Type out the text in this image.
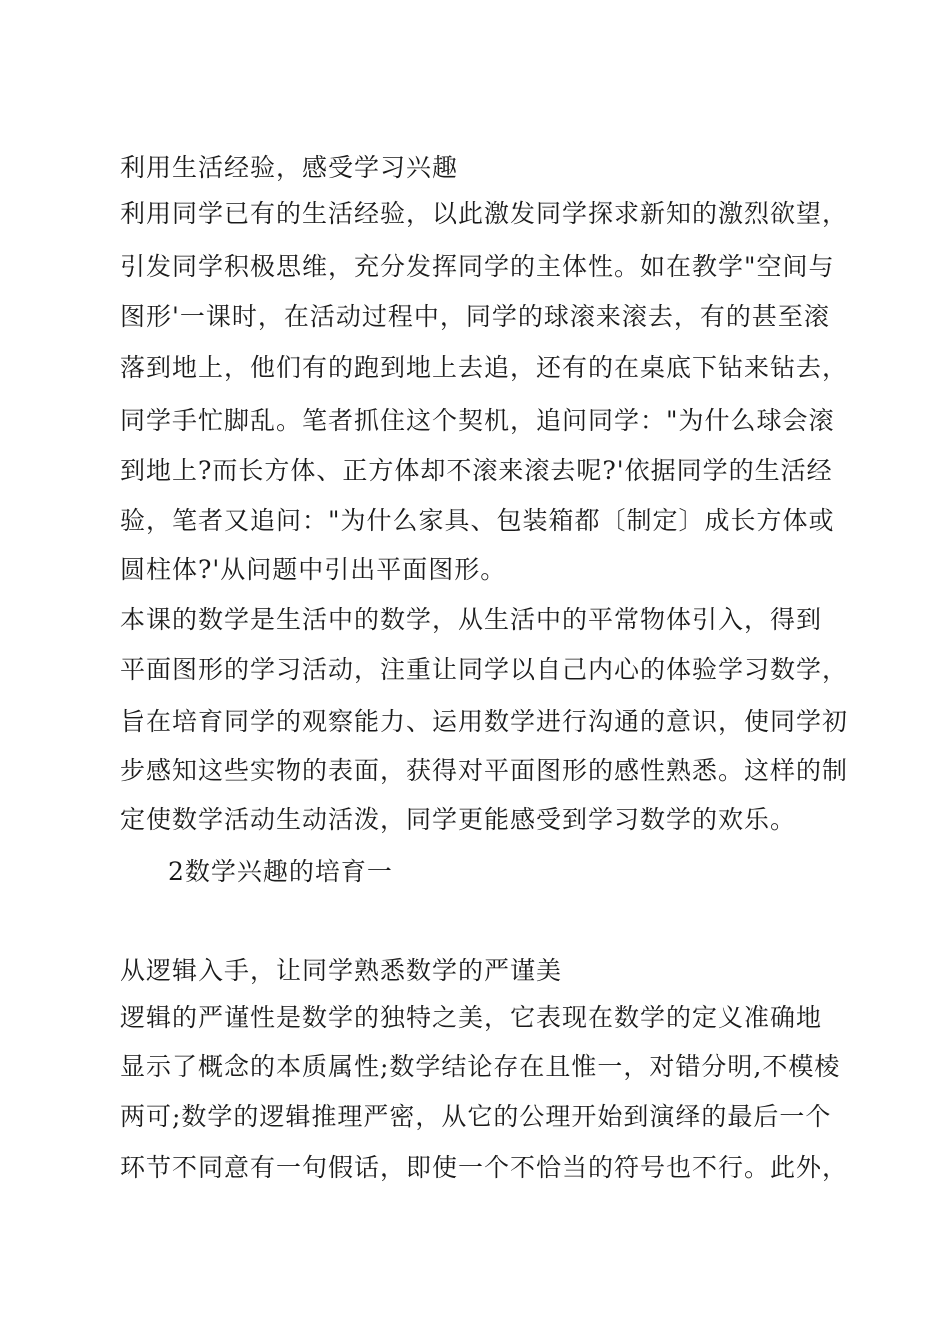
利用生活经验，感受学习兴趣
利用同学已有的生活经验，以此激发同学探求新知的激烈欲望，
引发同学积极思维，充分发挥同学的主体性。如在教学"空间与
图形'一课时，在活动过程中，同学的球滚来滚去，有的甚至滚
落到地上，他们有的跑到地上去追，还有的在桌底下钻来钻去，
同学手忙脚乱。笔者抓住这个契机，追问同学："为什么球会滚
到地上?而长方体、正方体却不滚来滚去呢?'依据同学的生活经
验，笔者又追问："为什么家具、包装箱都〔制定〕成长方体或
圆柱体?'从问题中引出平面图形。
本课的数学是生活中的数学，从生活中的平常物体引入，得到
平面图形的学习活动，注重让同学以自己内心的体验学习数学，
旨在培育同学的观察能力、运用数学进行沟通的意识，使同学初
步感知这些实物的表面，获得对平面图形的感性熟悉。这样的制
定使数学活动生动活泼，同学更能感受到学习数学的欢乐。
2数学兴趣的培育一
从逻辑入手，让同学熟悉数学的严谨美
逻辑的严谨性是数学的独特之美，它表现在数学的定义准确地
显示了概念的本质属性;数学结论存在且惟一，对错分明,不模棱
两可;数学的逻辑推理严密，从它的公理开始到演绎的最后一个
环节不同意有一句假话，即使一个不恰当的符号也不行。此外，
